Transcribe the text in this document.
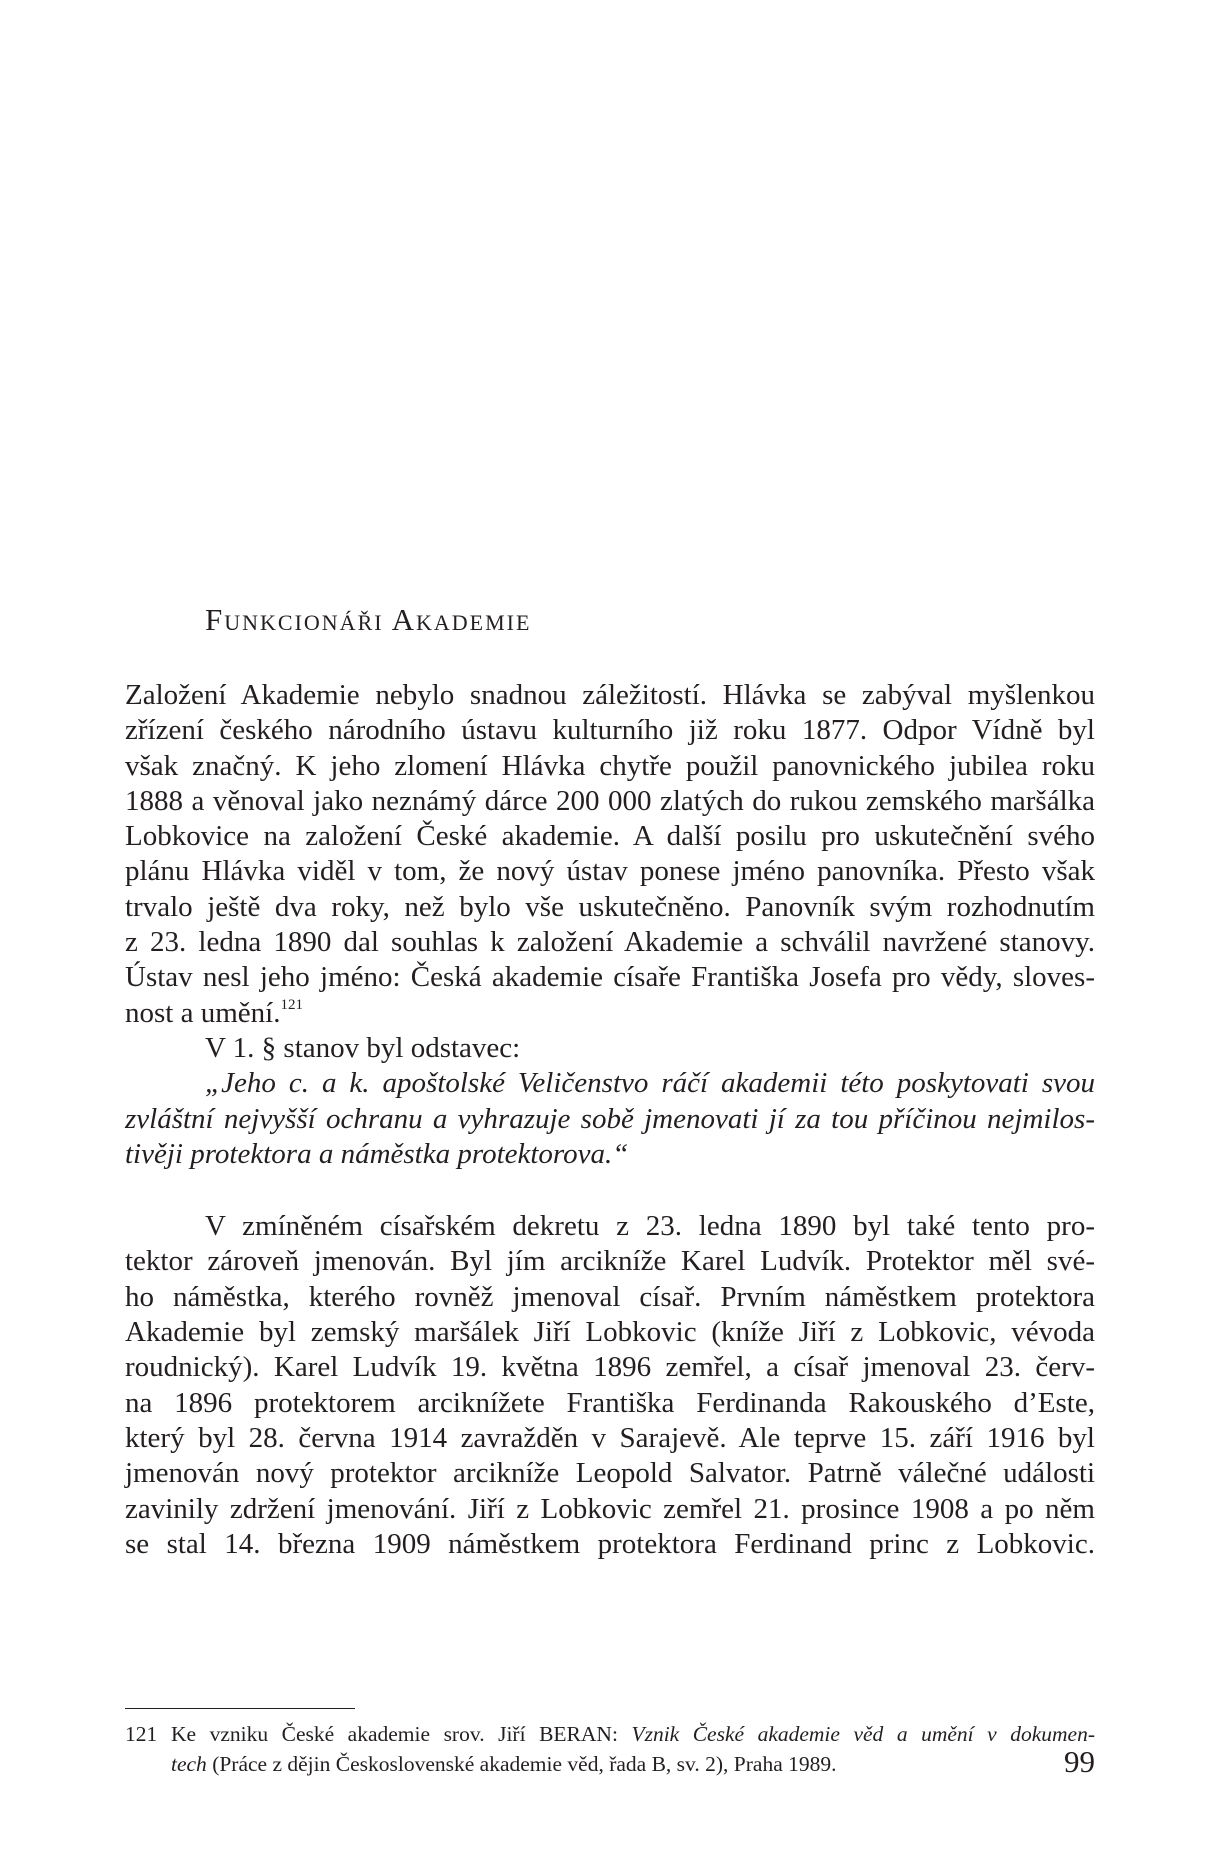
Funkcionáři Akademie
Založení Akademie nebylo snadnou záležitostí. Hlávka se zabýval myšlenkou
zřízení českého národního ústavu kulturního již roku 1877. Odpor Vídně byl
však značný. K jeho zlomení Hlávka chytře použil panovnického jubilea roku
1888 a věnoval jako neznámý dárce 200 000 zlatých do rukou zemského maršálka
Lobkovice na založení České akademie. A další posilu pro uskutečnění svého
plánu Hlávka viděl v tom, že nový ústav ponese jméno panovníka. Přesto však
trvalo ještě dva roky, než bylo vše uskutečněno. Panovník svým rozhodnutím
z 23. ledna 1890 dal souhlas k založení Akademie a schválil navržené stanovy.
Ústav nesl jeho jméno: Česká akademie císaře Františka Josefa pro vědy, sloves-
nost a umění.$^{121}$
V 1. § stanov byl odstavec:
„Jeho c. a k. apoštolské Veličenstvo ráčí akademii této poskytovati svou
zvláštní nejvyšší ochranu a vyhrazuje sobě jmenovati jí za tou příčinou nejmilos-
tivěji protektora a náměstka protektorova.“
V zmíněném císařském dekretu z 23. ledna 1890 byl také tento pro-
tektor zároveň jmenován. Byl jím arcikníže Karel Ludvík. Protektor měl své-
ho náměstka, kterého rovněž jmenoval císař. Prvním náměstkem protektora
Akademie byl zemský maršálek Jiří Lobkovic (kníže Jiří z Lobkovic, vévoda
roudnický). Karel Ludvík 19. května 1896 zemřel, a císař jmenoval 23. červ-
na 1896 protektorem arciknížete Františka Ferdinanda Rakouského d’Este,
který byl 28. června 1914 zavražděn v Sarajevě. Ale teprve 15. září 1916 byl
jmenován nový protektor arcikníže Leopold Salvator. Patrně válečné události
zavinily zdržení jmenování. Jiří z Lobkovic zemřel 21. prosince 1908 a po něm
se stal 14. března 1909 náměstkem protektora Ferdinand princ z Lobkovic.
121 Ke vzniku České akademie srov. Jiří BERAN: Vznik České akademie věd a umění v dokumen-
tech (Práce z dějin Československé akademie věd, řada B, sv. 2), Praha 1989.	99
